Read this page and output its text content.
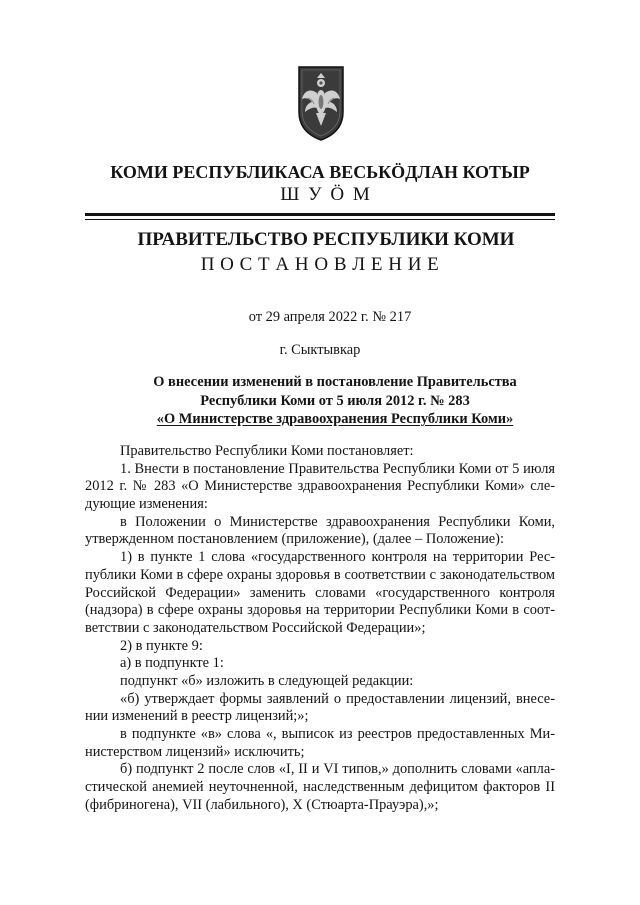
КОМИ РЕСПУБЛИКАСА ВЕСЬКӦДЛАН КОТЫР
Ш У Ӧ М
ПРАВИТЕЛЬСТВО РЕСПУБЛИКИ КОМИ
П О С Т А Н О В Л Е Н И Е
от 29 апреля 2022 г. № 217
г. Сыктывкар
О внесении изменений в постановление Правительства
Республики Коми от 5 июля 2012 г. № 283
«О Министерстве здравоохранения Республики Коми»
Правительство Республики Коми постановляет:
1. Внести в постановление Правительства Республики Коми от 5 июля
2012 г. № 283 «О Министерстве здравоохранения Республики Коми» сле-
дующие изменения:
в Положении о Министерстве здравоохранения Республики Коми,
утвержденном постановлением (приложение), (далее – Положение):
1) в пункте 1 слова «государственного контроля на территории Рес-
публики Коми в сфере охраны здоровья в соответствии с законодательством
Российской Федерации» заменить словами «государственного контроля
(надзора) в сфере охраны здоровья на территории Республики Коми в соот-
ветствии с законодательством Российской Федерации»;
2) в пункте 9:
а) в подпункте 1:
подпункт «б» изложить в следующей редакции:
«б) утверждает формы заявлений о предоставлении лицензий, внесе-
нии изменений в реестр лицензий;»;
в подпункте «в» слова «, выписок из реестров предоставленных Ми-
нистерством лицензий» исключить;
б) подпункт 2 после слов «I, II и VI типов,» дополнить словами «апла-
стической анемией неуточненной, наследственным дефицитом факторов II
(фибриногена), VII (лабильного), X (Стюарта-Прауэра),»;
